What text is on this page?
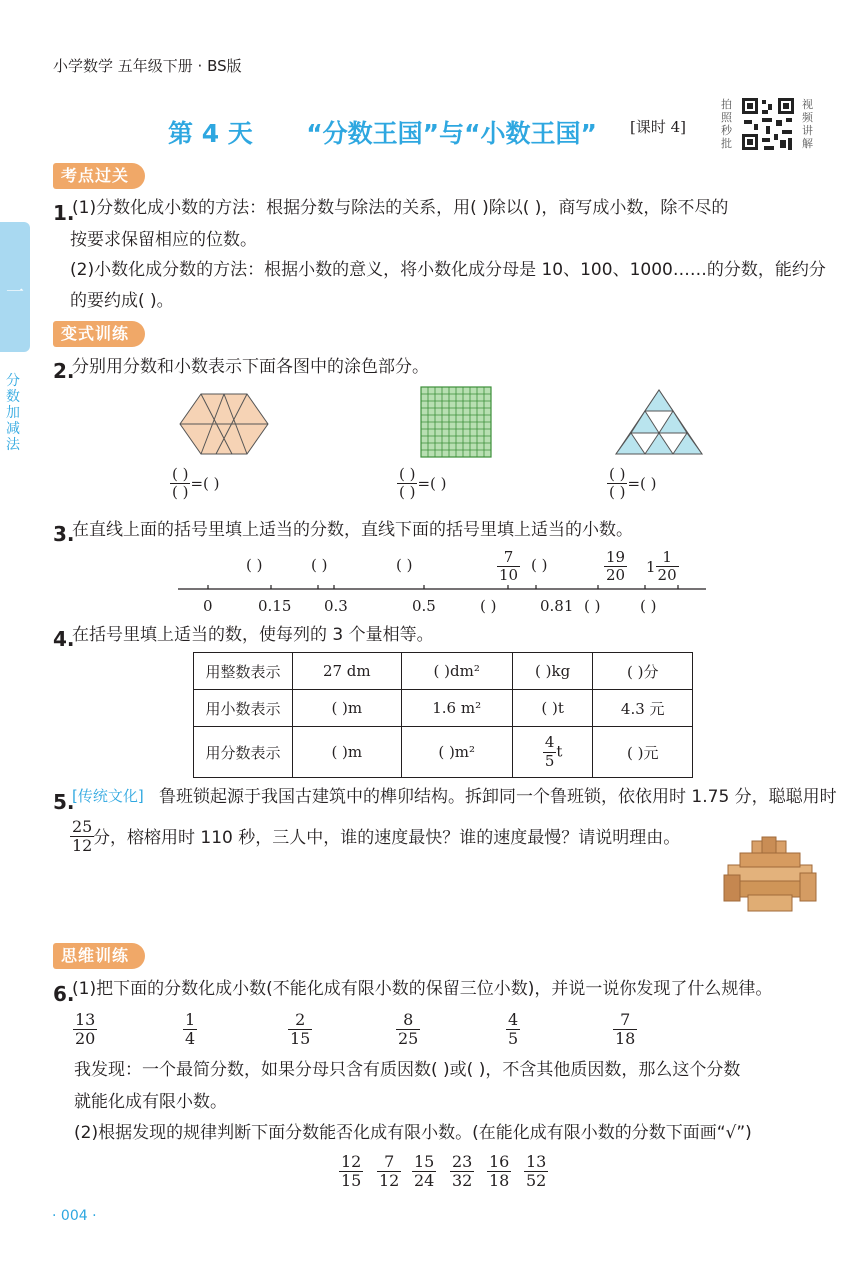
小学数学 五年级下册 · BS版
第 4 天 “分数王国”与“小数王国” [课时 4]
拍照秒批
视频讲解
一
分数加减法
考点过关
1.
(1)分数化成小数的方法：根据分数与除法的关系，用( )除以( )，商写成小数，除不尽的
按要求保留相应的位数。
(2)小数化成分数的方法：根据小数的意义，将小数化成分母是 10、100、1000……的分数，能约分
的要约成( )。
变式训练
2.
分别用分数和小数表示下面各图中的涂色部分。
$\frac{( )}{( )}$ =( )	$\frac{( )}{( )}$ =( )	$\frac{( )}{( )}$ =( )
3.
在直线上面的括号里填上适当的分数，直线下面的括号里填上适当的小数。
( )	( )	( )	$\frac{7}{10}$ ( )	$\frac{19}{20} 1 \frac{1}{20}$
0	0.15 0.3	0.5	( )	0.81 ( )	( )
4.
在括号里填上适当的数，使每列的 3 个量相等。
用整数表示	27 dm	( )dm²	( )kg	( )分
用小数表示	( )m	1.6 m²	( )t	4.3 元
用分数表示	( )m	( )m²	$\frac{4}{5}$ t	( )元
5.
[传统文化] 鲁班锁起源于我国古建筑中的榫卯结构。拆卸同一个鲁班锁，依依用时 1.75 分，聪聪用时
$\frac{25}{12}$
分，榕榕用时 110 秒，三人中，谁的速度最快？谁的速度最慢？请说明理由。
思维训练
6.
(1)把下面的分数化成小数(不能化成有限小数的保留三位小数)，并说一说你发现了什么规律。
$\frac{13}{20}$	$\frac{1}{4}$	$\frac{2}{15}$	$\frac{8}{25}$	$\frac{4}{5}$	$\frac{7}{18}$
我发现：一个最简分数，如果分母只含有质因数( )或( )，不含其他质因数，那么这个分数
就能化成有限小数。
(2)根据发现的规律判断下面分数能否化成有限小数。(在能化成有限小数的分数下面画“√”)
$\frac{12}{15} \frac{7}{12} \frac{15}{24} \frac{23}{32} \frac{16}{18} \frac{13}{52}$
· 004 ·
